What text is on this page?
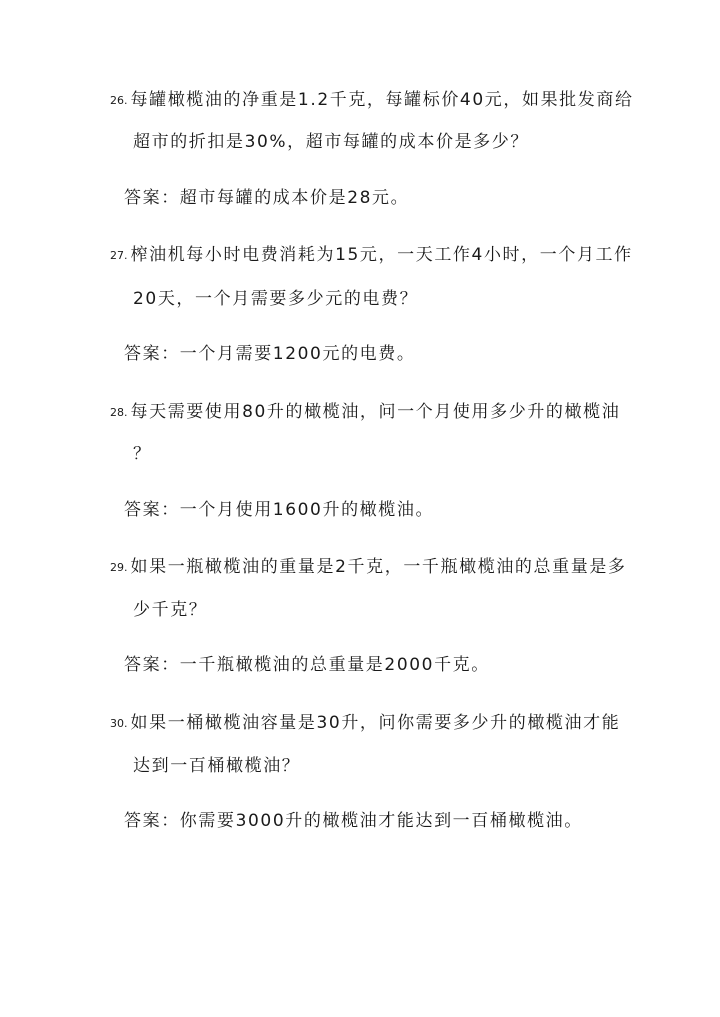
26. 每罐橄榄油的净重是1.2千克，每罐标价40元，如果批发商给
超市的折扣是30%，超市每罐的成本价是多少？
答案：超市每罐的成本价是28元。
27. 榨油机每小时电费消耗为15元，一天工作4小时，一个月工作
20天，一个月需要多少元的电费？
答案：一个月需要1200元的电费。
28. 每天需要使用80升的橄榄油，问一个月使用多少升的橄榄油
？
答案：一个月使用1600升的橄榄油。
29. 如果一瓶橄榄油的重量是2千克，一千瓶橄榄油的总重量是多
少千克？
答案：一千瓶橄榄油的总重量是2000千克。
30. 如果一桶橄榄油容量是30升，问你需要多少升的橄榄油才能
达到一百桶橄榄油？
答案：你需要3000升的橄榄油才能达到一百桶橄榄油。
